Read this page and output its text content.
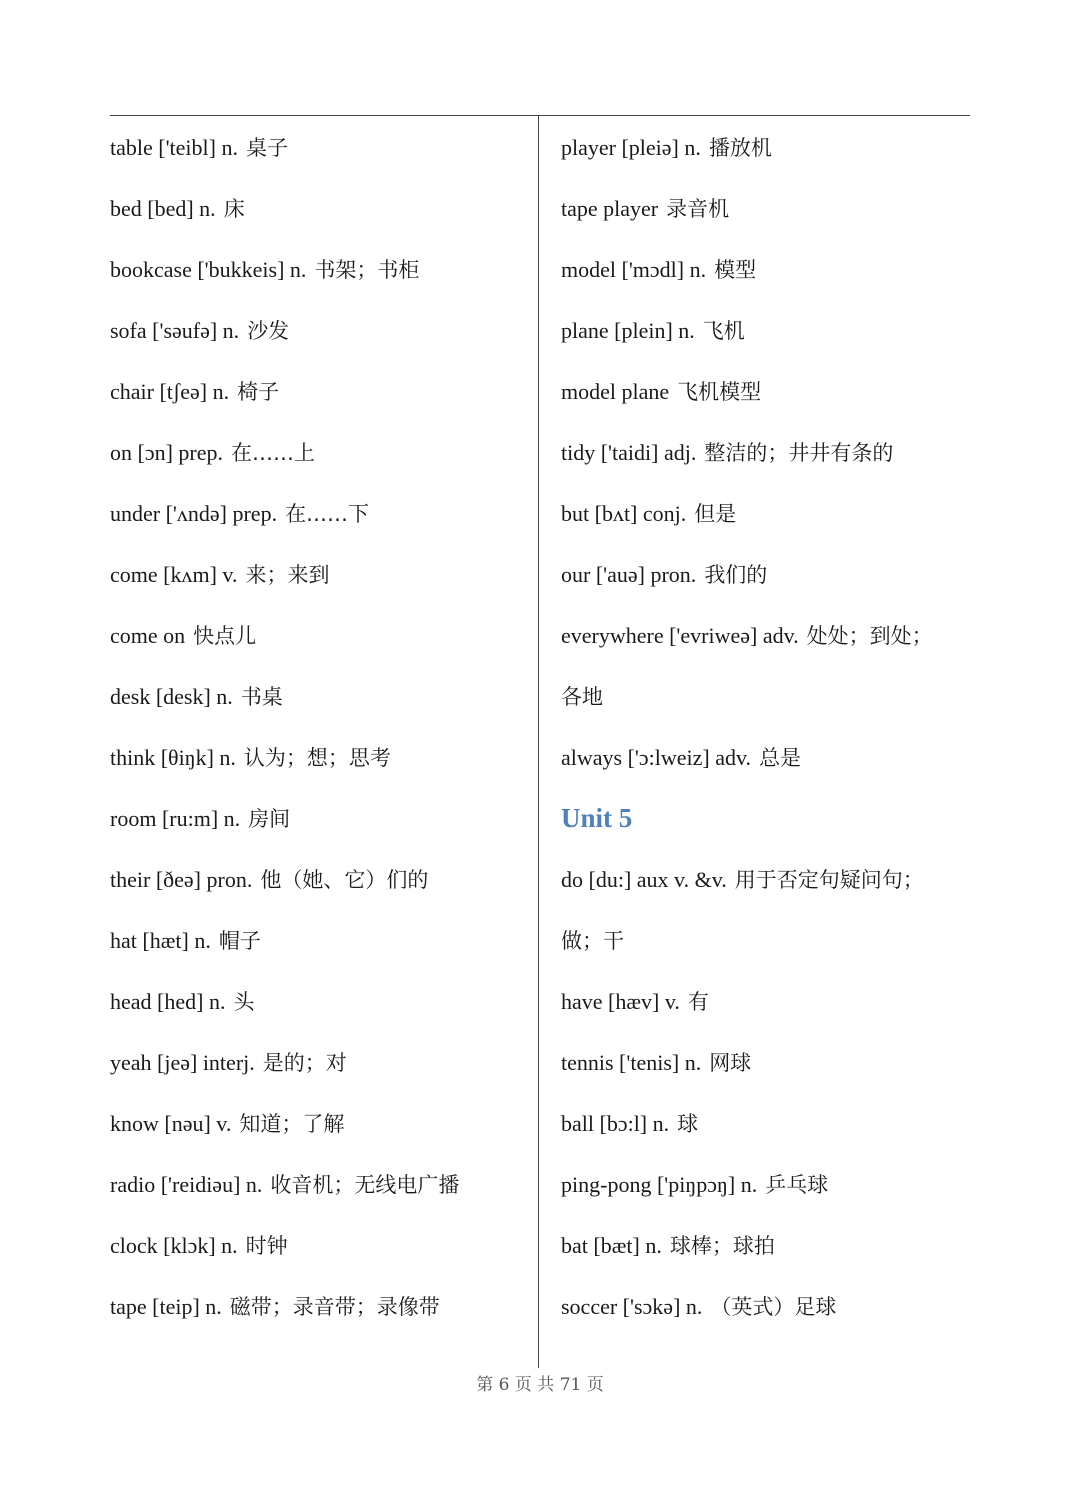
table ['teibl] n. 桌子
bed [bed] n. 床
bookcase ['bukkeis] n. 书架；书柜
sofa ['səufə] n. 沙发
chair [tʃeə] n. 椅子
on [ɔn] prep. 在……上
under ['ʌndə] prep. 在……下
come [kʌm] v. 来；来到
come on 快点儿
desk [desk] n. 书桌
think [θiŋk] n. 认为；想；思考
room [ru:m] n. 房间
their [ðeə] pron. 他（她、它）们的
hat [hæt] n. 帽子
head [hed] n. 头
yeah [jeə] interj. 是的；对
know [nəu] v. 知道；了解
radio ['reidiəu] n. 收音机；无线电广播
clock [klɔk] n. 时钟
tape [teip] n. 磁带；录音带；录像带
player [pleiə] n. 播放机
tape player 录音机
model ['mɔdl] n. 模型
plane [plein] n. 飞机
model plane 飞机模型
tidy ['taidi] adj. 整洁的；井井有条的
but [bʌt] conj. 但是
our ['auə] pron. 我们的
everywhere ['evriweə] adv. 处处；到处；
各地
always ['ɔ:lweiz] adv. 总是
Unit 5
do [du:] aux v. &v. 用于否定句疑问句；
做；干
have [hæv] v. 有
tennis ['tenis] n. 网球
ball [bɔ:l] n. 球
ping-pong ['piŋpɔŋ] n. 乒乓球
bat [bæt] n. 球棒；球拍
soccer ['sɔkə] n. （英式）足球
第 6 页 共 71 页
